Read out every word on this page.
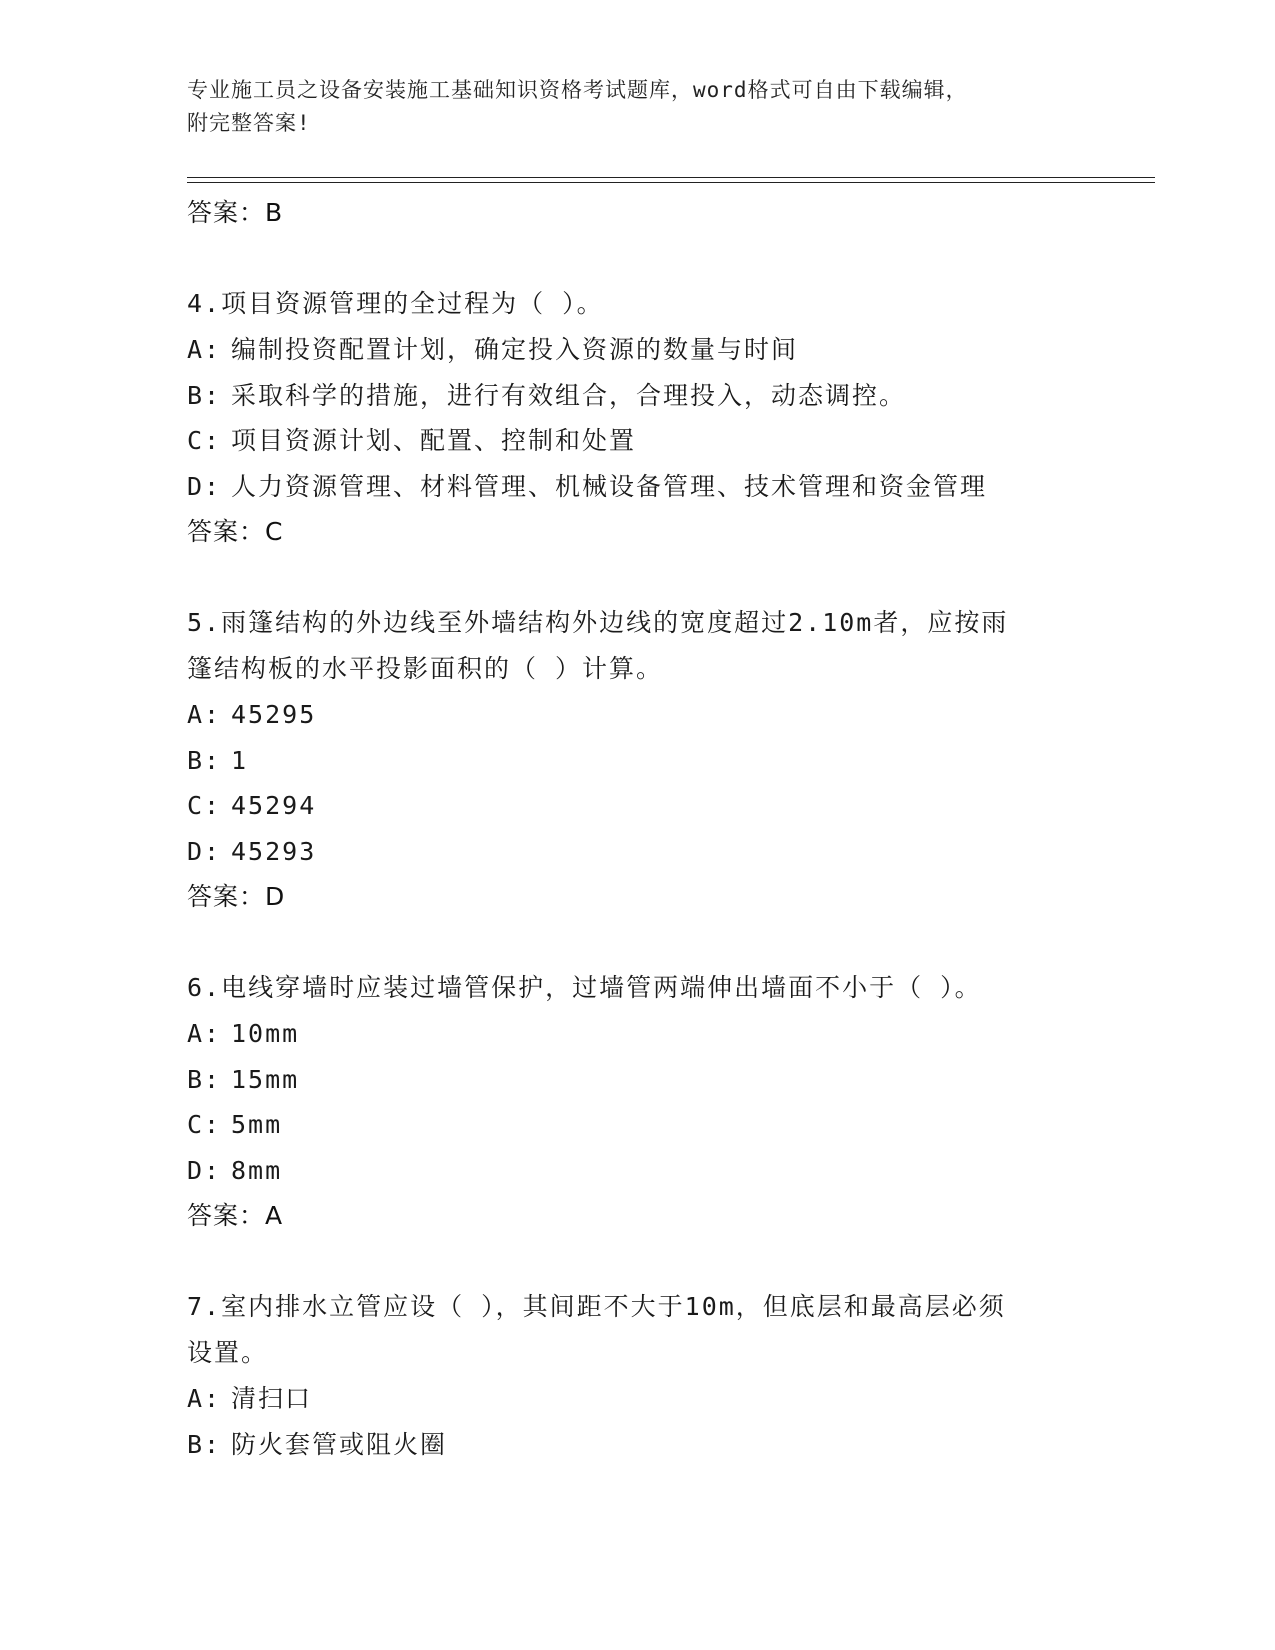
专业施工员之设备安装施工基础知识资格考试题库，word格式可自由下载编辑，
附完整答案!
答案：B
4.项目资源管理的全过程为（ ）。
A: 编制投资配置计划，确定投入资源的数量与时间
B: 采取科学的措施，进行有效组合，合理投入，动态调控。
C: 项目资源计划、配置、控制和处置
D: 人力资源管理、材料管理、机械设备管理、技术管理和资金管理
答案：C
5.雨篷结构的外边线至外墙结构外边线的宽度超过2.10m者，应按雨
篷结构板的水平投影面积的（ ）计算。
A: 45295
B: 1
C: 45294
D: 45293
答案：D
6.电线穿墙时应装过墙管保护，过墙管两端伸出墙面不小于（ ）。
A: 10mm
B: 15mm
C: 5mm
D: 8mm
答案：A
7.室内排水立管应设（ ），其间距不大于10m，但底层和最高层必须
设置。
A: 清扫口
B: 防火套管或阻火圈
